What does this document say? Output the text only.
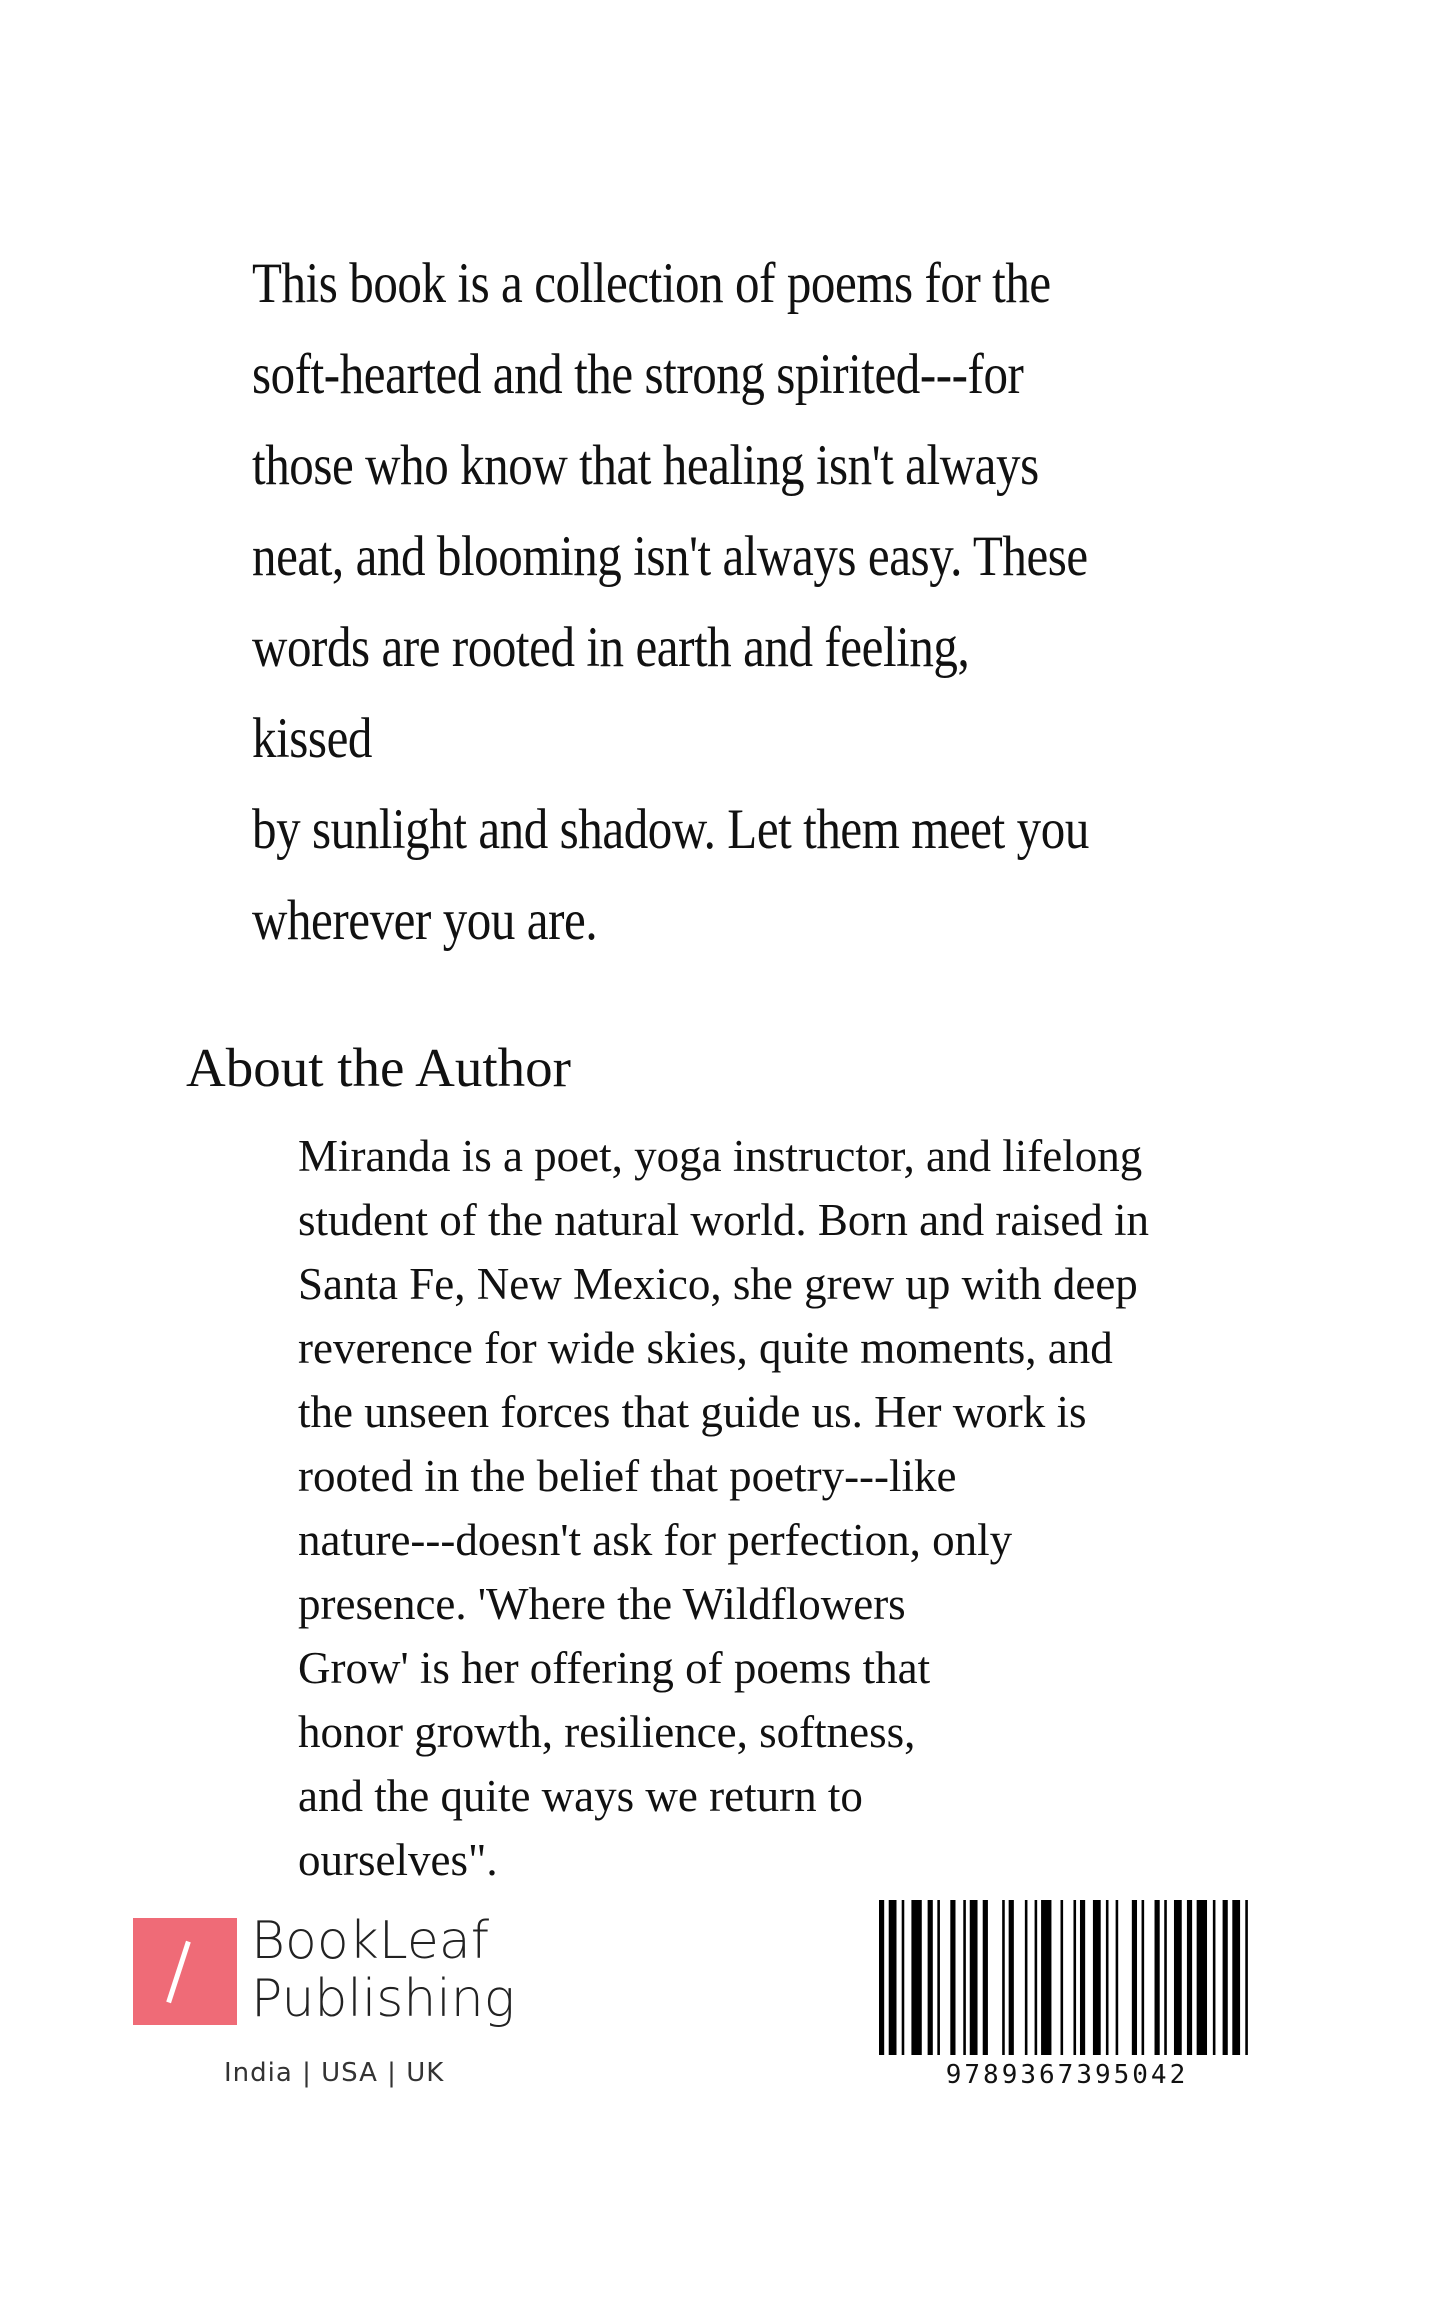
This book is a collection of poems for the
soft-hearted and the strong spirited---for
those who know that healing isn't always
neat, and blooming isn't always easy. These
words are rooted in earth and feeling, kissed
by sunlight and shadow. Let them meet you
wherever you are.

About the Author

Miranda is a poet, yoga instructor, and lifelong
student of the natural world. Born and raised in
Santa Fe, New Mexico, she grew up with deep
reverence for wide skies, quite moments, and
the unseen forces that guide us. Her work is
rooted in the belief that poetry---like
nature---doesn't ask for perfection, only
presence. 'Where the Wildflowers
Grow' is her offering of poems that
honor growth, resilience, softness,
and the quite ways we return to
ourselves".

BookLeaf
Publishing
India | USA | UK	9789367395042
